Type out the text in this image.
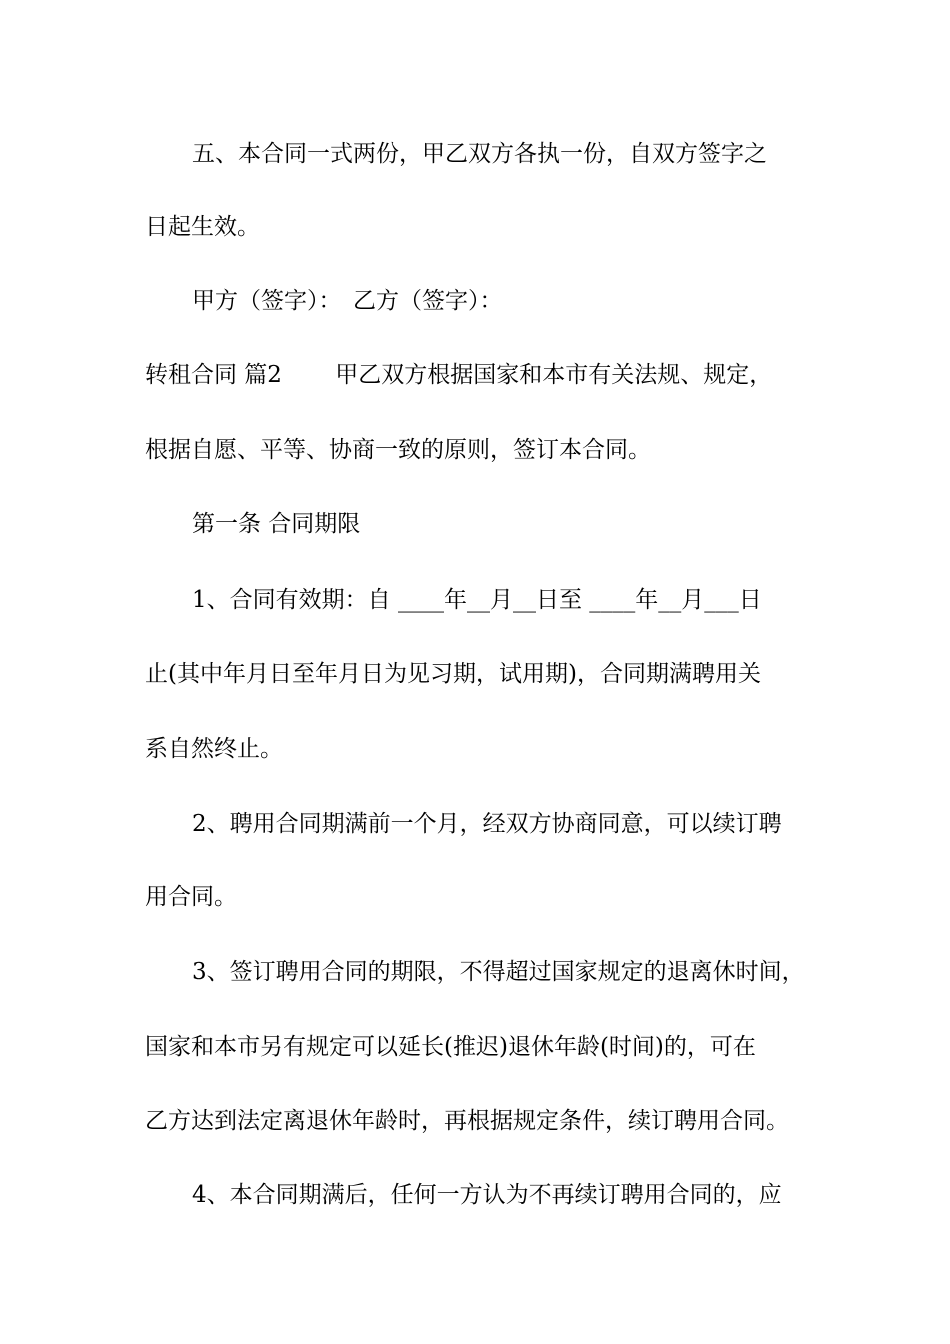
五、本合同一式两份，甲乙双方各执一份，自双方签字之
日起生效。
甲方（签字）：　乙方（签字）：
转租合同 篇2　　 甲乙双方根据国家和本市有关法规、规定，
根据自愿、平等、协商一致的原则，签订本合同。
第一条 合同期限
1、合同有效期：自 ____年__月__日至 ____年__月___日
止(其中年月日至年月日为见习期，试用期)，合同期满聘用关
系自然终止。
2、聘用合同期满前一个月，经双方协商同意，可以续订聘
用合同。
3、签订聘用合同的期限，不得超过国家规定的退离休时间，
国家和本市另有规定可以延长(推迟)退休年龄(时间)的，可在
乙方达到法定离退休年龄时，再根据规定条件，续订聘用合同。
4、本合同期满后，任何一方认为不再续订聘用合同的，应
